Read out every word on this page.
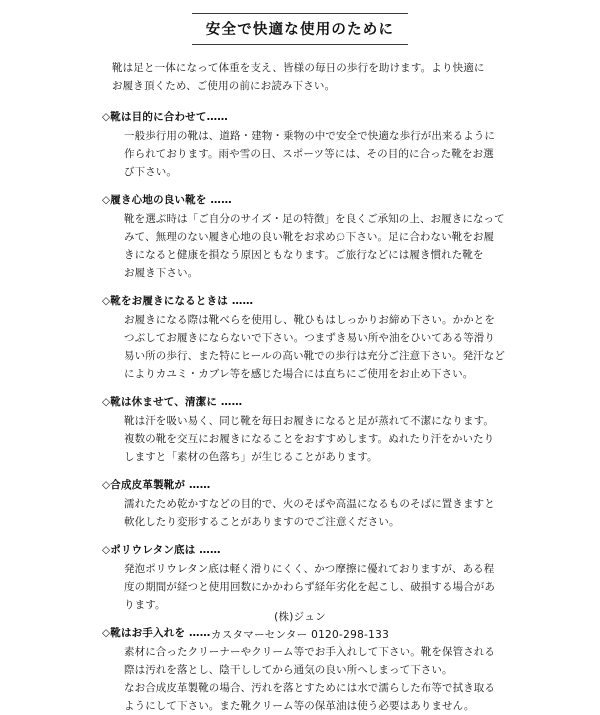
安全で快適な使用のために

靴は足と一体になって体重を支え、皆様の毎日の歩行を助けます。より快適に
お履き頂くため、ご使用の前にお読み下さい。

◇靴は目的に合わせて……

一般歩行用の靴は、道路・建物・乗物の中で安全で快適な歩行が出来るように
作られております。雨や雪の日、スポーツ等には、その目的に合った靴をお選
び下さい。

◇履き心地の良い靴を ……

靴を選ぶ時は「ご自分のサイズ・足の特徴」を良くご承知の上、お履きになって
みて、無理のない履き心地の良い靴をお求め়下さい。足に合わない靴をお履
きになると健康を損なう原因ともなります。ご旅行などには履き慣れた靴を
お履き下さい。

◇靴をお履きになるときは ……

お履きになる際は靴べらを使用し、靴ひもはしっかりお締め下さい。かかとを
つぶしてお履きにならないで下さい。つまずき易い所や油をひいてある等滑り
易い所の歩行、また特にヒールの高い靴での歩行は充分ご注意下さい。発汗など
によりカユミ・カブレ等を感じた場合には直ちにご使用をお止め下さい。

◇靴は休ませて、清潔に ……

靴は汗を吸い易く、同じ靴を毎日お履きになると足が蒸れて不潔になります。
複数の靴を交互にお履きになることをおすすめします。ぬれたり汗をかいたり
しますと「素材の色落ち」が生じることがあります。

◇合成皮革製靴が ……

濡れたため乾かすなどの目的で、火のそばや高温になるものそばに置きますと
軟化したり変形することがありますのでご注意ください。

◇ポリウレタン底は ……

発泡ポリウレタン底は軽く滑りにくく、かつ摩擦に優れておりますが、ある程
度の期間が経つと使用回数にかかわらず経年劣化を起こし、破損する場合があ
ります。

◇靴はお手入れを ……

素材に合ったクリーナーやクリーム等でお手入れして下さい。靴を保管される
際は汚れを落とし、陰干ししてから通気の良い所へしまって下さい。
なお合成皮革製靴の場合、汚れを落とすためには水で濡らした布等で拭き取る
ようにして下さい。また靴クリーム等の保革油は使う必要はありません。

(株)ジュン
カスタマーセンター 0120-298-133
